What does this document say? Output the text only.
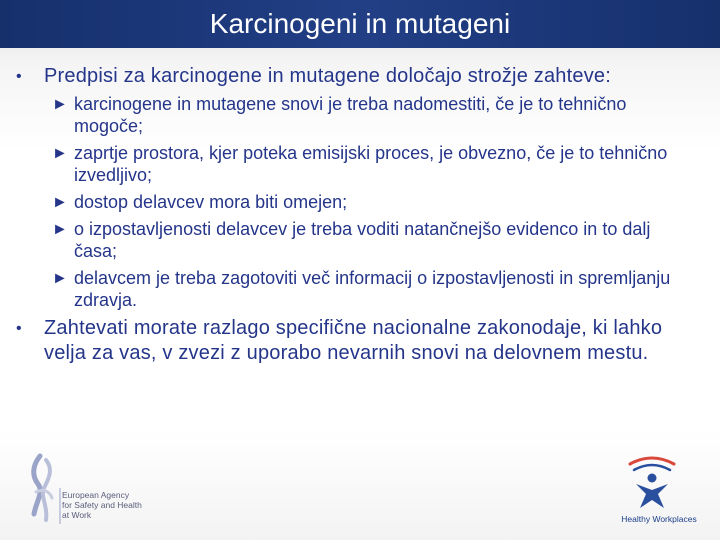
Karcinogeni in mutageni
• Predpisi za karcinogene in mutagene določajo strožje zahteve:
► karcinogene in mutagene snovi je treba nadomestiti, če je to tehnično mogoče;
► zaprtje prostora, kjer poteka emisijski proces, je obvezno, če je to tehnično izvedljivo;
► dostop delavcev mora biti omejen;
► o izpostavljenosti delavcev je treba voditi natančnejšo evidenco in to dalj časa;
► delavcem je treba zagotoviti več informacij o izpostavljenosti in spremljanju zdravja.
• Zahtevati morate razlago specifične nacionalne zakonodaje, ki lahko velja za vas, v zvezi z uporabo nevarnih snovi na delovnem mestu.
European Agency
for Safety and Health
at Work	Healthy Workplaces
